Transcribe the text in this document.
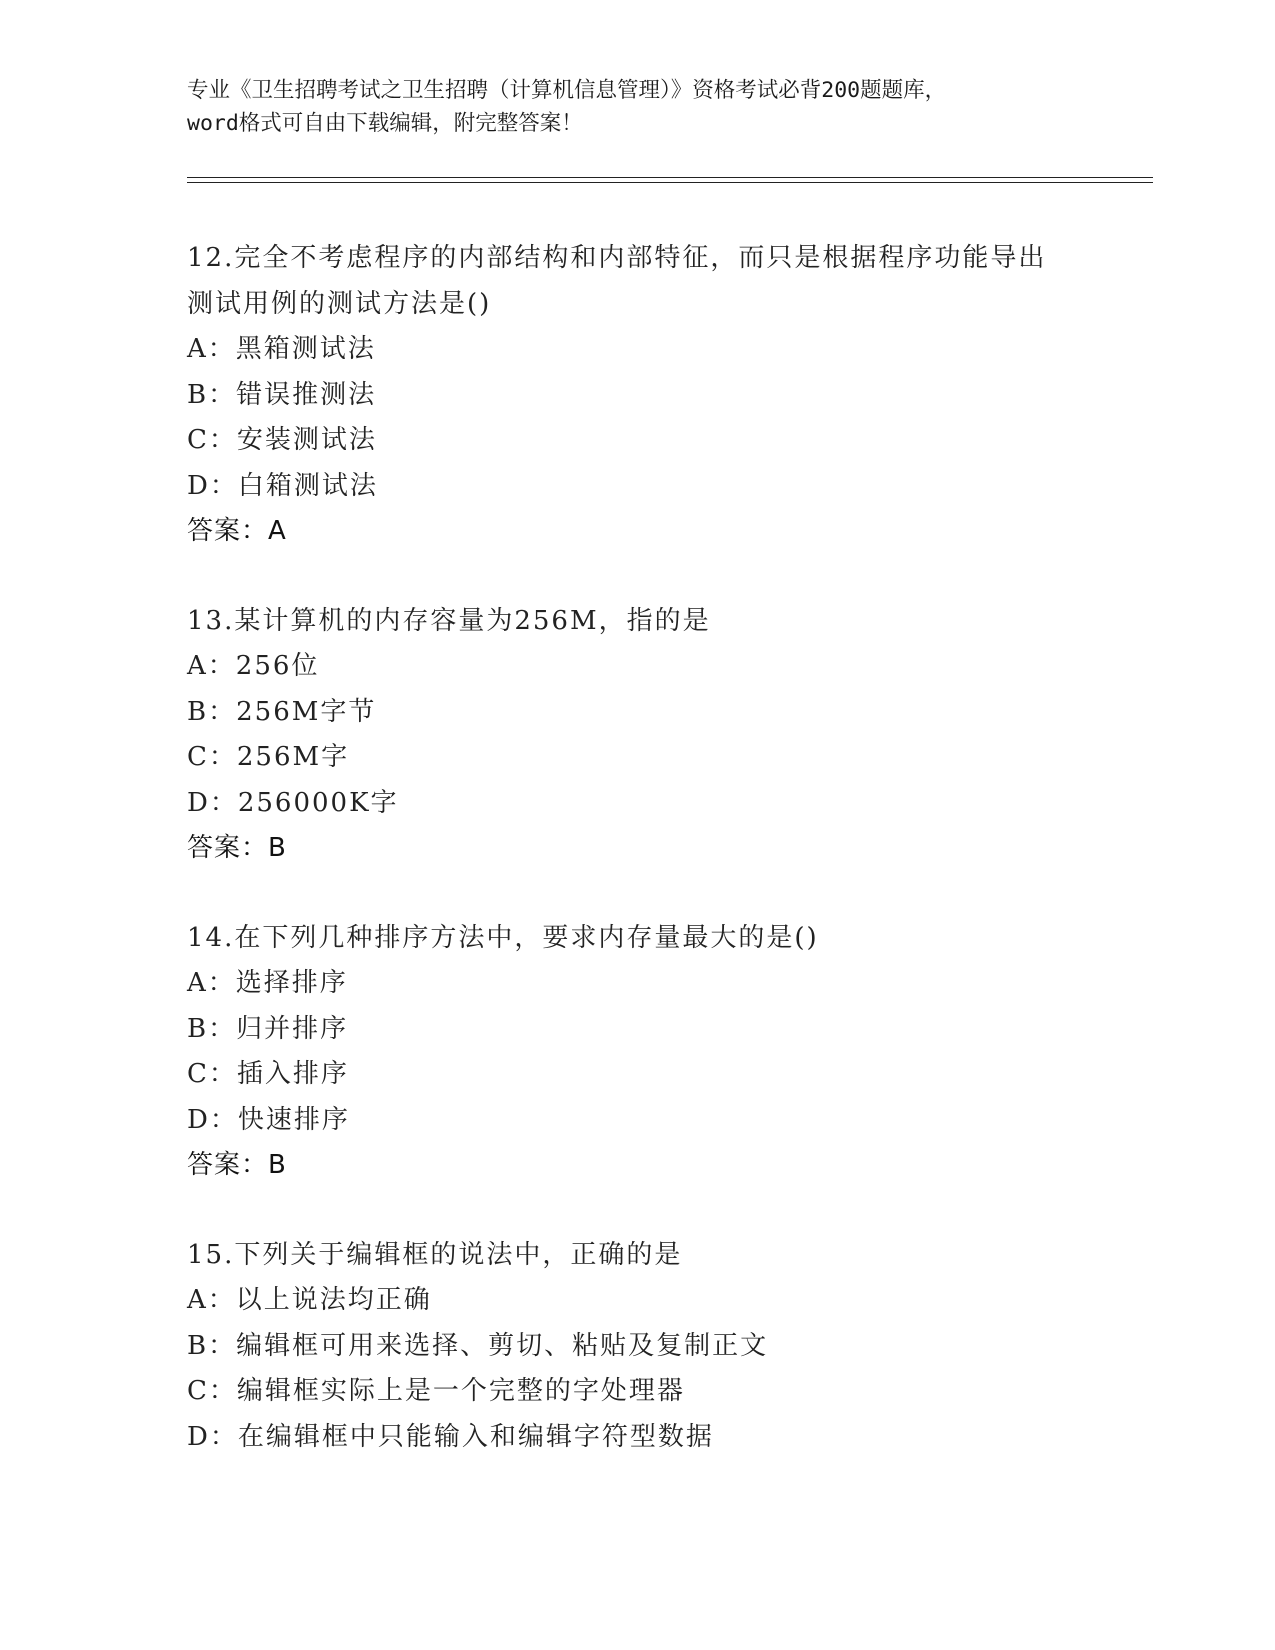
专业《卫生招聘考试之卫生招聘（计算机信息管理）》资格考试必背200题题库，
word格式可自由下载编辑，附完整答案！
12.完全不考虑程序的内部结构和内部特征，而只是根据程序功能导出
测试用例的测试方法是()
A：黑箱测试法
B：错误推测法
C：安装测试法
D：白箱测试法
答案：A
13.某计算机的内存容量为256M，指的是
A：256位
B：256M字节
C：256M字
D：256000K字
答案：B
14.在下列几种排序方法中，要求内存量最大的是()
A：选择排序
B：归并排序
C：插入排序
D：快速排序
答案：B
15.下列关于编辑框的说法中，正确的是
A：以上说法均正确
B：编辑框可用来选择、剪切、粘贴及复制正文
C：编辑框实际上是一个完整的字处理器
D：在编辑框中只能输入和编辑字符型数据
